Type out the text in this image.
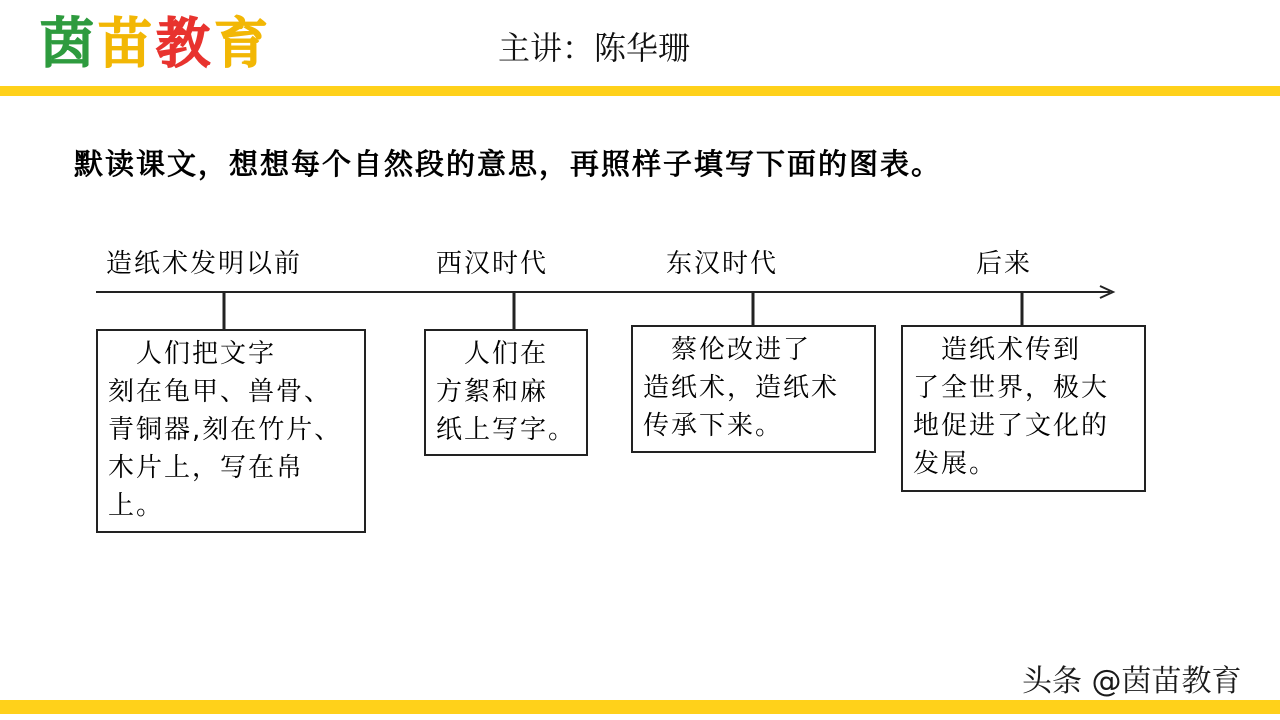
茵 苗 教 育	主讲：陈华珊
默读课文，想想每个自然段的意思，再照样子填写下面的图表。
造纸术发明以前	西汉时代	东汉时代	后来
　人们把文字
刻在龟甲、兽骨、
青铜器,刻在竹片、
木片上，写在帛
上。
　人们在
方絮和麻
纸上写字。
　蔡伦改进了
造纸术，造纸术
传承下来。
　造纸术传到
了全世界，极大
地促进了文化的
发展。
头条 @茵苗教育
